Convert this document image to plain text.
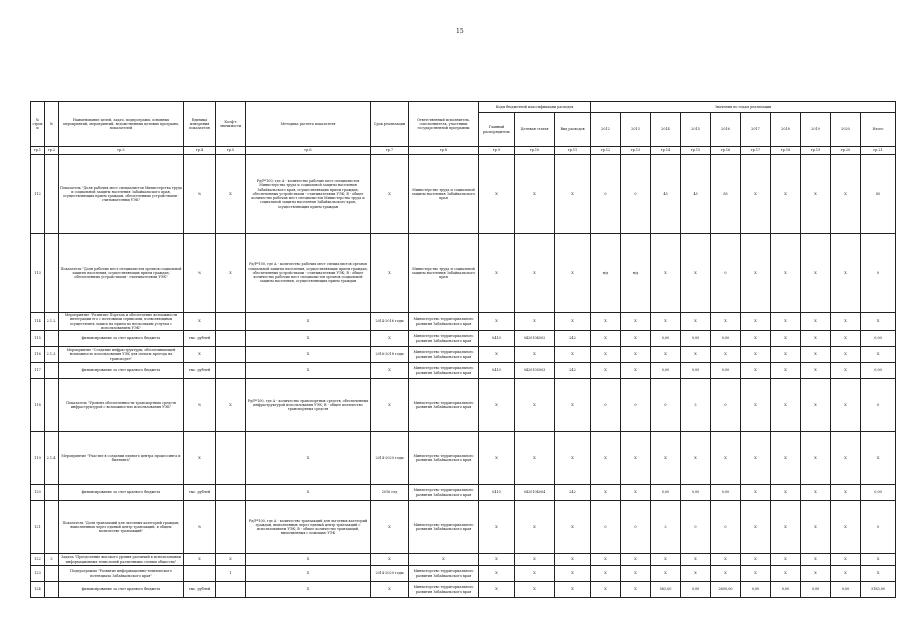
15
№ строки	№	Наименование целей, задач, подпрограмм, основных мероприятий, мероприятий, ведомственных целевых программ, показателей	Единица измерения показателя	Коэф-т значимости	Методика расчета показателя	Срок реализации	Ответственный исполнитель, соисполнитель, участники государственной программы	Коды бюджетной классификации расходов			Значения по годам реализации									
								Главный распорядитель	Целевая статья	Вид расходов	2012	2013	2014	2015	2016	2017	2018	2019	2020	Итого
гр.1	гр.2	гр.3	гр.4	гр.5	гр.6	гр.7	гр.8	гр.9	гр.10	гр.11	гр.12	гр.13	гр.14	гр.15	гр.16	гр.17	гр.18	гр.19	гр.20	гр.21
112		Показатель "Доля рабочих мест специалистов Министерства труда и социальной защиты населения Забайкальского края, осуществляющих прием граждан, обеспеченных устройствами - считывателями УЭК"	%	X	Pд/Рº100, где А - количество рабочих мест специалистов Министерства труда и социальной защиты населения Забайкальского края, осуществляющих прием граждан, обеспеченных устройствами - считывателями УЭК; В - общее количество рабочих мест специалистов Министерства труда и социальной защиты населения Забайкальского края, осуществляющих прием граждан	X	Министерство труда и социальной защиты населения Забайкальского края	X	X	X	0	0	45	45	85	X	X	X	X	85
113		Показатель "Доля рабочих мест специалистов органов социальной защиты населения, осуществляющих прием граждан, обеспеченных устройствами - считывателями УЭК"	%	X	Pд/Рº100, где А - количество рабочих мест специалистов органов социальной защиты населения, осуществляющих прием граждан, обеспеченных устройствами - считывателями УЭК; В - общее количество рабочих мест специалистов органов социальной защиты населения, осуществляющих прием граждан	X	Министерство труда и социальной защиты населения Забайкальского края	X	X	X	н/д	н/д	X	X	0	X	X	X	X	0
114	2.1.2.	Мероприятие "Развитие Портала и обеспечение возможности интеграции его с почтовыми сервисами, позволяющими осуществлять запись на прием по нескольким услугам с использованием УЭК"	X		X	2014-2016 годы	Министерство территориального развития Забайкальского края	X	X	X	X	X	X	X	X	X	X	X	X	X
115		финансирование за счет краевого бюджета	тыс. рублей		X	X	Министерство территориального развития Забайкальского края	0410	0420104002	242	X	X	0,00	0,00	0,00	X	X	X	X	0,00
116	2.1.3.	Мероприятие "Создание инфраструктуры, обеспечивающей возможность использования УЭК для оплаты проезда на транспорте"	X		X	2016-2018 годы	Министерство территориального развития Забайкальского края	X	X	X	X	X	X	X	X	X	X	X	X	X
117		финансирование за счет краевого бюджета	тыс. рублей		X	X	Министерство территориального развития Забайкальского края	0410	0420105003	242	X	X	0,00	0,00	0,00	X	X	X	X	0,00
118		Показатель "Уровень обеспеченности транспортных средств инфраструктурой с возможностью использования УЭК"	%	X	Pд/Рº100, где А - количество транспортных средств, обеспеченных инфраструктурой использования УЭК; В - общее количество транспортных средств	X	Министерство территориального развития Забайкальского края	X	X	X	0	0	0	3	0	X	X	X	X	0
119	2.1.4.	Мероприятие "Участие в создании единого центра процессинга и биллинга"	X		X	2014-2020 годы	Министерство территориального развития Забайкальского края	X	X	X	X	X	X	X	X	X	X	X	X	X
120		финансирование за счет краевого бюджета	тыс. рублей		X	2016 год	Министерство территориального развития Забайкальского края	0410	0420104004	242	X	X	0,00	0,00	0,00	X	X	X	X	0,00
121		Показатель "Доля транзакций для льготных категорий граждан, выполненных через единый центр транзакций, в общем количестве транзакций"	%		Pд/Рº100, где А - количество транзакций для льготных категорий граждан, выполненных через единый центр транзакций с использованием УЭК; В - общее количество транзакций, выполненных с помощью УЭК	X	Министерство территориального развития Забайкальского края	X	X	X	0	0	3	0	0	X	X	X	X	0
122	3	Задача "Преодоление высокого уровня различий в использовании информационных технологий различными слоями общества"	X	X	X	X	X	X	X	X	X	X	X	X	X	X	X	X	X	X
123		Подпрограмма "Развитие информационно-технического потенциала Забайкальского края"		1	X	2014-2020 годы	Министерство территориального развития Забайкальского края	X	X	X	X	X	X	X	X	X	X	X	X	X
124		финансирование за счет краевого бюджета	тыс. рублей		X	X	Министерство территориального развития Забайкальского края	X	X	X	X	X	583,00	0,00	2600,00	0,00	0,00	0,00	0,00	3183,00
